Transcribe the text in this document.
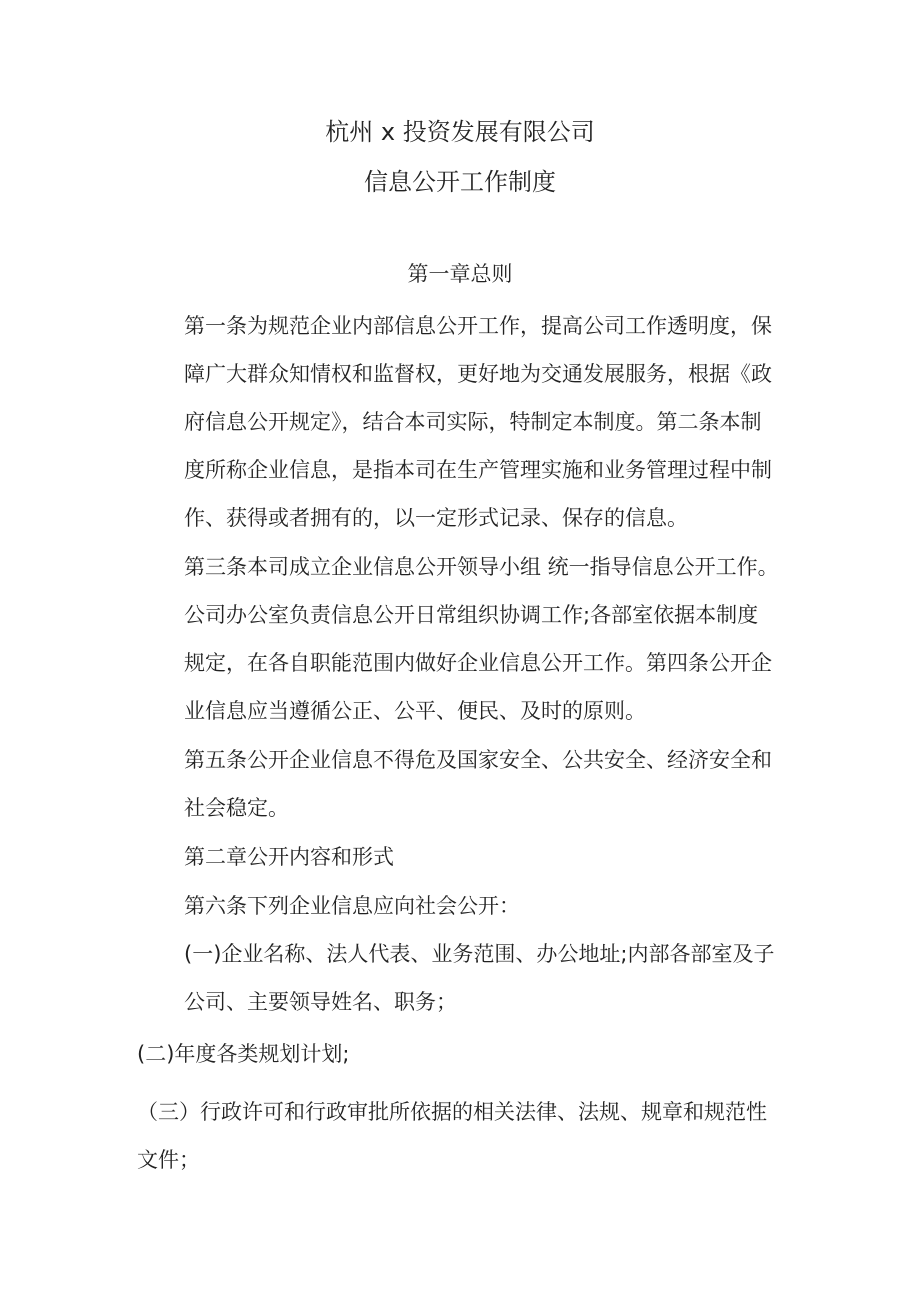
杭州 x 投资发展有限公司
信息公开工作制度
第一章总则
第一条为规范企业内部信息公开工作，提高公司工作透明度，保
障广大群众知情权和监督权，更好地为交通发展服务，根据《政
府信息公开规定》，结合本司实际，特制定本制度。第二条本制
度所称企业信息，是指本司在生产管理实施和业务管理过程中制
作、获得或者拥有的，以一定形式记录、保存的信息。
第三条本司成立企业信息公开领导小组 统一指导信息公开工作。
公司办公室负责信息公开日常组织协调工作;各部室依据本制度
规定，在各自职能范围内做好企业信息公开工作。第四条公开企
业信息应当遵循公正、公平、便民、及时的原则。
第五条公开企业信息不得危及国家安全、公共安全、经济安全和
社会稳定。
第二章公开内容和形式
第六条下列企业信息应向社会公开：
(一)企业名称、法人代表、业务范围、办公地址;内部各部室及子
公司、主要领导姓名、职务；
(二)年度各类规划计划;
（三）行政许可和行政审批所依据的相关法律、法规、规章和规范性
文件；
